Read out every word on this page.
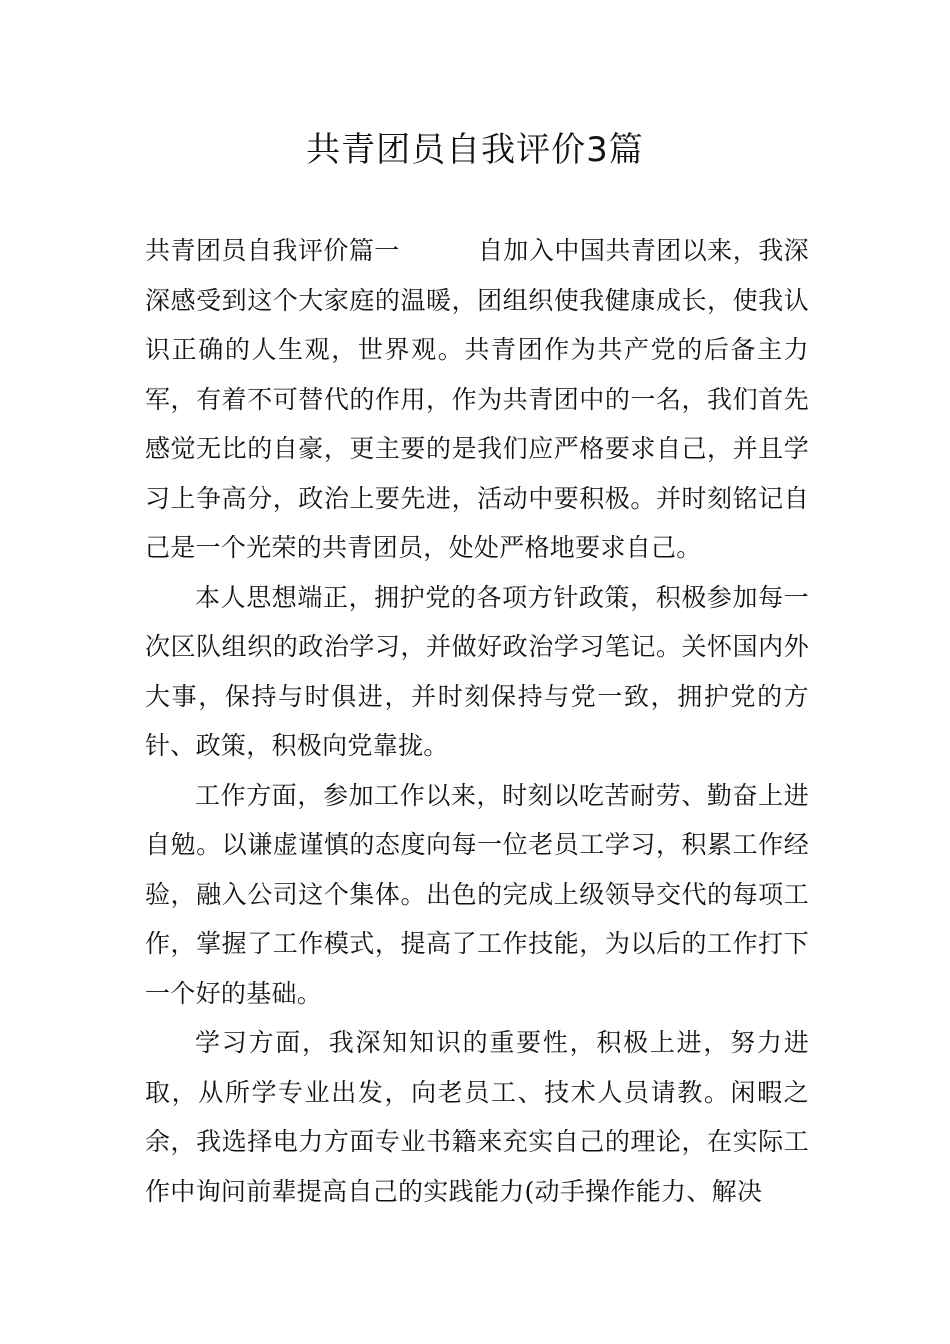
共青团员自我评价3篇

共青团员自我评价篇一	自加入中国共青团以来，我深深感受到这个大家庭的温暖，团组织使我健康成长，使我认识正确的人生观，世界观。共青团作为共产党的后备主力军，有着不可替代的作用，作为共青团中的一名，我们首先感觉无比的自豪，更主要的是我们应严格要求自己，并且学习上争高分，政治上要先进，活动中要积极。并时刻铭记自己是一个光荣的共青团员，处处严格地要求自己。

本人思想端正，拥护党的各项方针政策，积极参加每一次区队组织的政治学习，并做好政治学习笔记。关怀国内外大事，保持与时俱进，并时刻保持与党一致，拥护党的方针、政策，积极向党靠拢。

工作方面，参加工作以来，时刻以吃苦耐劳、勤奋上进自勉。以谦虚谨慎的态度向每一位老员工学习，积累工作经验，融入公司这个集体。出色的完成上级领导交代的每项工作，掌握了工作模式，提高了工作技能，为以后的工作打下一个好的基础。

学习方面，我深知知识的重要性，积极上进，努力进取，从所学专业出发，向老员工、技术人员请教。闲暇之余，我选择电力方面专业书籍来充实自己的理论，在实际工作中询问前辈提高自己的实践能力(动手操作能力、解决
